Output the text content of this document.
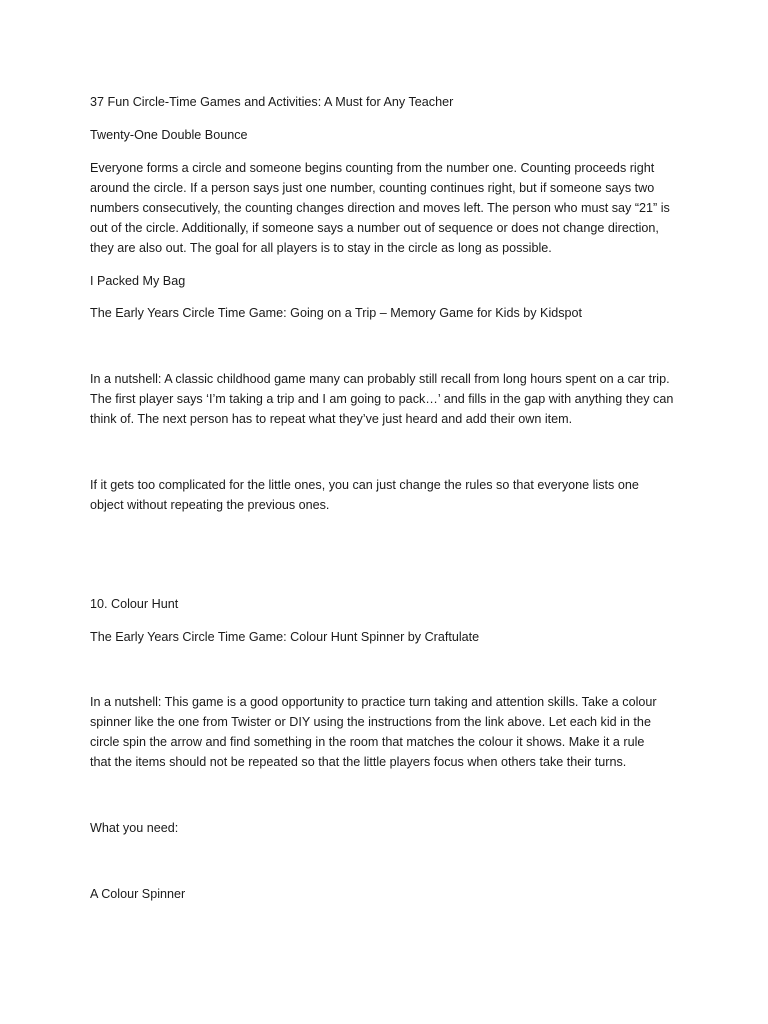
37 Fun Circle-Time Games and Activities: A Must for Any Teacher

Twenty-One Double Bounce

Everyone forms a circle and someone begins counting from the number one. Counting proceeds right
around the circle. If a person says just one number, counting continues right, but if someone says two
numbers consecutively, the counting changes direction and moves left. The person who must say “21” is
out of the circle. Additionally, if someone says a number out of sequence or does not change direction,
they are also out. The goal for all players is to stay in the circle as long as possible.

I Packed My Bag

The Early Years Circle Time Game: Going on a Trip – Memory Game for Kids by Kidspot

In a nutshell: A classic childhood game many can probably still recall from long hours spent on a car trip.
The first player says ‘I’m taking a trip and I am going to pack…’ and fills in the gap with anything they can
think of. The next person has to repeat what they’ve just heard and add their own item.
If it gets too complicated for the little ones, you can just change the rules so that everyone lists one
object without repeating the previous ones.

10. Colour Hunt

The Early Years Circle Time Game: Colour Hunt Spinner by Craftulate

In a nutshell: This game is a good opportunity to practice turn taking and attention skills. Take a colour
spinner like the one from Twister or DIY using the instructions from the link above. Let each kid in the
circle spin the arrow and find something in the room that matches the colour it shows. Make it a rule
that the items should not be repeated so that the little players focus when others take their turns.

What you need:

A Colour Spinner
